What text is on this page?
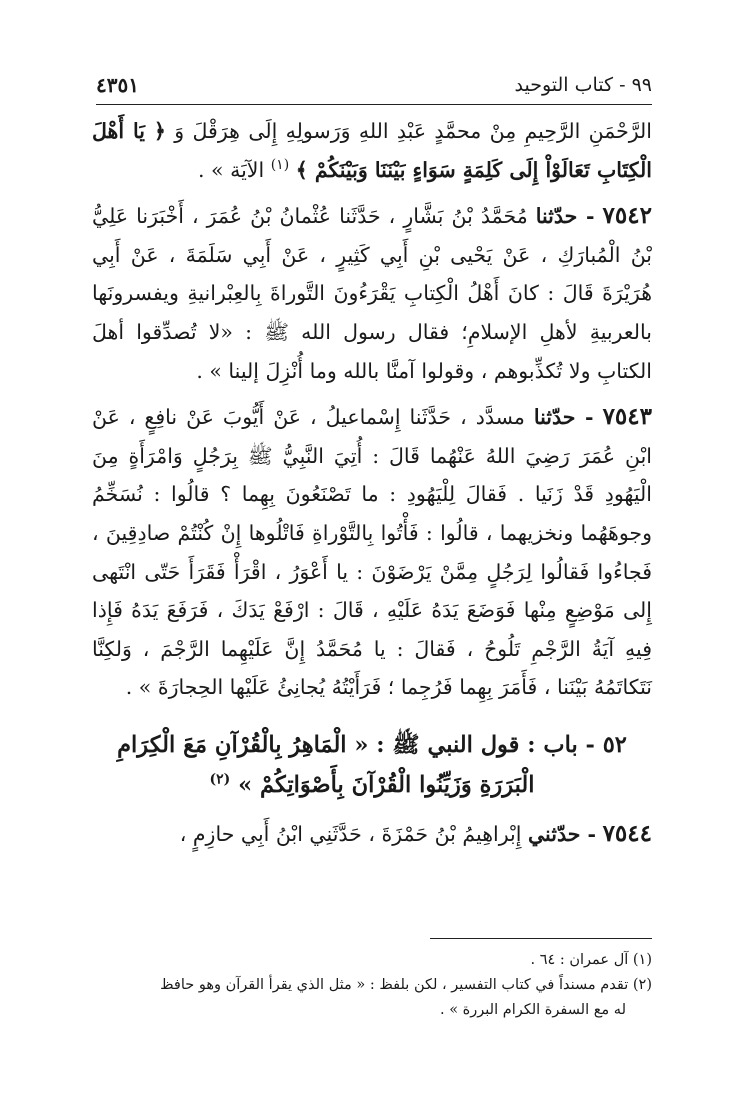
٩٩ - كتاب التوحيد
٤٣٥١

الرَّحْمَنِ الرَّحِيمِ مِنْ محمَّدٍ عَبْدِ اللهِ وَرَسولِهِ إِلَى هِرَقْلَ وَ ﴿ يَا أَهْلَ الْكِتَابِ تَعَالَوْاْ إِلَى كَلِمَةٍ سَوَاءٍ بَيْنَنَا وَبَيْنَكُمْ ﴾ $^{(١)}$ الآيَة » .

٧٥٤٢ - حدّثنا مُحَمَّدُ بْنُ بَشَّارٍ ، حَدَّثَنا عُثْمانُ بْنُ عُمَرَ ، أَخْبَرَنا عَلِيُّ بْنُ الْمُبارَكِ ، عَنْ يَحْيى بْنِ أَبِي كَثِيرٍ ، عَنْ أَبِي سَلَمَةَ ، عَنْ أَبِي هُرَيْرَةَ قَالَ : كانَ أَهْلُ الْكِتابِ يَقْرَءُونَ التَّوراةَ بِالعِبْرانيةِ ويفسرونَها بالعربيةِ لأهلِ الإسلامِ؛ فقال رسول الله ﷺ : «لا تُصدِّقوا أهلَ الكتابِ ولا تُكذِّبوهم ، وقولوا آمنَّا بالله وما أُنْزِلَ إلينا » .

٧٥٤٣ - حدّثنا مسدَّد ، حَدَّثَنا إِسْماعيلُ ، عَنْ أَيُّوبَ عَنْ نافِعٍ ، عَنْ ابْنِ عُمَرَ رَضِيَ اللهُ عَنْهُما قَالَ : أُتِيَ النَّبِيُّ ﷺ بِرَجُلٍ وَامْرَأَةٍ مِنَ الْيَهُودِ قَدْ زَنَيا . فَقالَ لِلْيَهُودِ : ما تَصْنَعُونَ بِهِما ؟ قالُوا : نُسَخِّمُ وجوهَهُما ونخزيهما ، قالُوا : فَأْتُوا بِالتَّوْراةِ فَاتْلُوها إِنْ كُنْتُمْ صادِقِينَ ، فَجاءُوا فَقالُوا لِرَجُلٍ مِمَّنْ يَرْضَوْنَ : يا أَعْوَرُ ، اقْرَأْ فَقَرَأَ حَتّى انْتَهى إِلى مَوْضِعٍ مِنْها فَوَضَعَ يَدَهُ عَلَيْهِ ، قَالَ : ارْفَعْ يَدَكَ ، فَرَفَعَ يَدَهُ فَإِذا فِيهِ آيَةُ الرَّجْمِ تَلُوحُ ، فَقالَ : يا مُحَمَّدُ إِنَّ عَلَيْهِما الرَّجْمَ ، وَلكِنَّا نَتَكاتَمُهُ بَيْنَنا ، فَأَمَرَ بِهِما فَرُجِما ؛ فَرَأَيْتُهُ يُجانِئُ عَلَيْها الحِجارَةَ » .

٥٢ - باب : قول النبي ﷺ : « الْمَاهِرُ بِالْقُرْآنِ مَعَ الْكِرَامِ
الْبَرَرَةِ وَزَيِّنُوا الْقُرْآنَ بِأَصْوَاتِكُمْ » $^{(٢)}$

٧٥٤٤ - حدّثني إِبْراهِيمُ بْنُ حَمْزَةَ ، حَدَّثَنِي ابْنُ أَبِي حازِمٍ ،

(١) آل عمران : ٦٤ .

(٢) تقدم مسنداً في كتاب التفسير ، لكن بلفظ : « مثل الذي يقرأ القرآن وهو حافظ

له مع السفرة الكرام البررة » .
